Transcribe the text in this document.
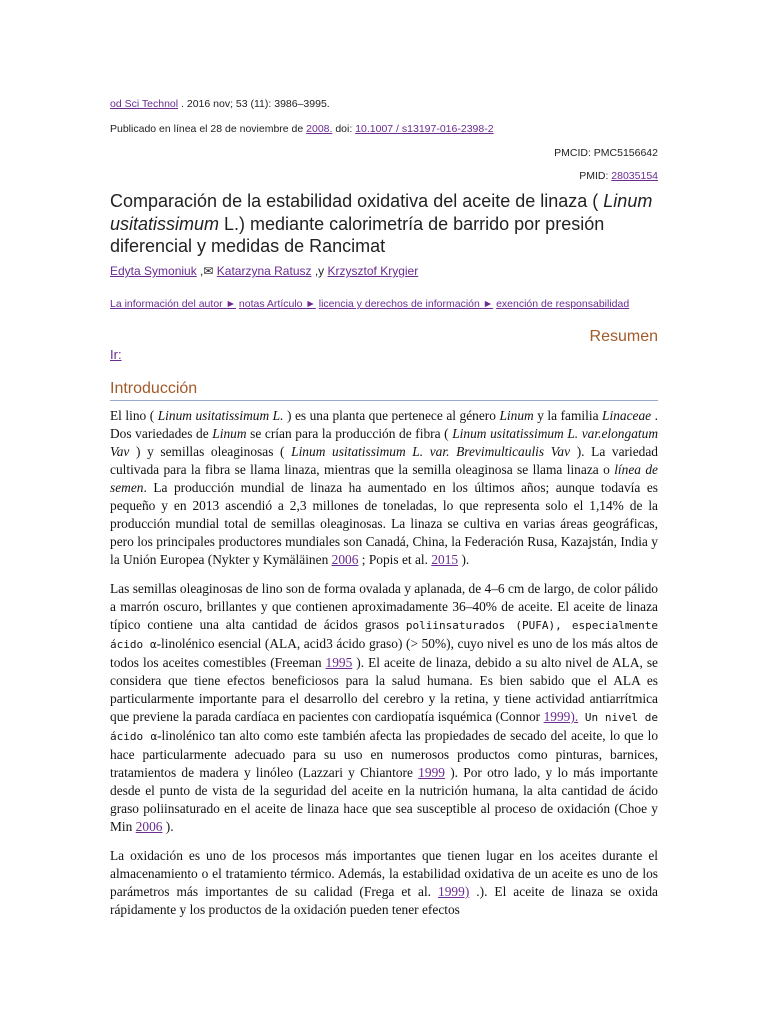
od Sci Technol . 2016 nov; 53 (11): 3986–3995.
Publicado en línea el 28 de noviembre de 2008. doi: 10.1007 / s13197-016-2398-2
PMCID: PMC5156642
PMID: 28035154
Comparación de la estabilidad oxidativa del aceite de linaza ( Linum usitatissimum L.) mediante calorimetría de barrido por presión diferencial y medidas de Rancimat
Edyta Symoniuk ,✉ Katarzyna Ratusz ,y Krzysztof Krygier
La información del autor ► notas Artículo ► licencia y derechos de información ► exención de responsabilidad
Resumen
Ir:
Introducción

El lino ( Linum usitatissimum L. ) es una planta que pertenece al género Linum y la familia Linaceae . Dos variedades de Linum se crían para la producción de fibra ( Linum usitatissimum L. var.elongatum Vav ) y semillas oleaginosas ( Linum usitatissimum L. var. Brevimulticaulis Vav ). La variedad cultivada para la fibra se llama linaza, mientras que la semilla oleaginosa se llama linaza o línea de semen. La producción mundial de linaza ha aumentado en los últimos años; aunque todavía es pequeño y en 2013 ascendió a 2,3 millones de toneladas, lo que representa solo el 1,14% de la producción mundial total de semillas oleaginosas. La linaza se cultiva en varias áreas geográficas, pero los principales productores mundiales son Canadá, China, la Federación Rusa, Kazajstán, India y la Unión Europea (Nykter y Kymäläinen 2006 ; Popis et al. 2015 ).

Las semillas oleaginosas de lino son de forma ovalada y aplanada, de 4–6 cm de largo, de color pálido a marrón oscuro, brillantes y que contienen aproximadamente 36–40% de aceite. El aceite de linaza típico contiene una alta cantidad de ácidos grasos poliinsaturados (PUFA), especialmente ácido α-linolénico esencial (ALA, acid3 ácido graso) (> 50%), cuyo nivel es uno de los más altos de todos los aceites comestibles (Freeman 1995 ). El aceite de linaza, debido a su alto nivel de ALA, se considera que tiene efectos beneficiosos para la salud humana. Es bien sabido que el ALA es particularmente importante para el desarrollo del cerebro y la retina, y tiene actividad antiarrítmica que previene la parada cardíaca en pacientes con cardiopatía isquémica (Connor 1999). Un nivel de ácido α-linolénico tan alto como este también afecta las propiedades de secado del aceite, lo que lo hace particularmente adecuado para su uso en numerosos productos como pinturas, barnices, tratamientos de madera y linóleo (Lazzari y Chiantore 1999 ). Por otro lado, y lo más importante desde el punto de vista de la seguridad del aceite en la nutrición humana, la alta cantidad de ácido graso poliinsaturado en el aceite de linaza hace que sea susceptible al proceso de oxidación (Choe y Min 2006 ).

La oxidación es uno de los procesos más importantes que tienen lugar en los aceites durante el almacenamiento o el tratamiento térmico. Además, la estabilidad oxidativa de un aceite es uno de los parámetros más importantes de su calidad (Frega et al. 1999) .). El aceite de linaza se oxida rápidamente y los productos de la oxidación pueden tener efectos
